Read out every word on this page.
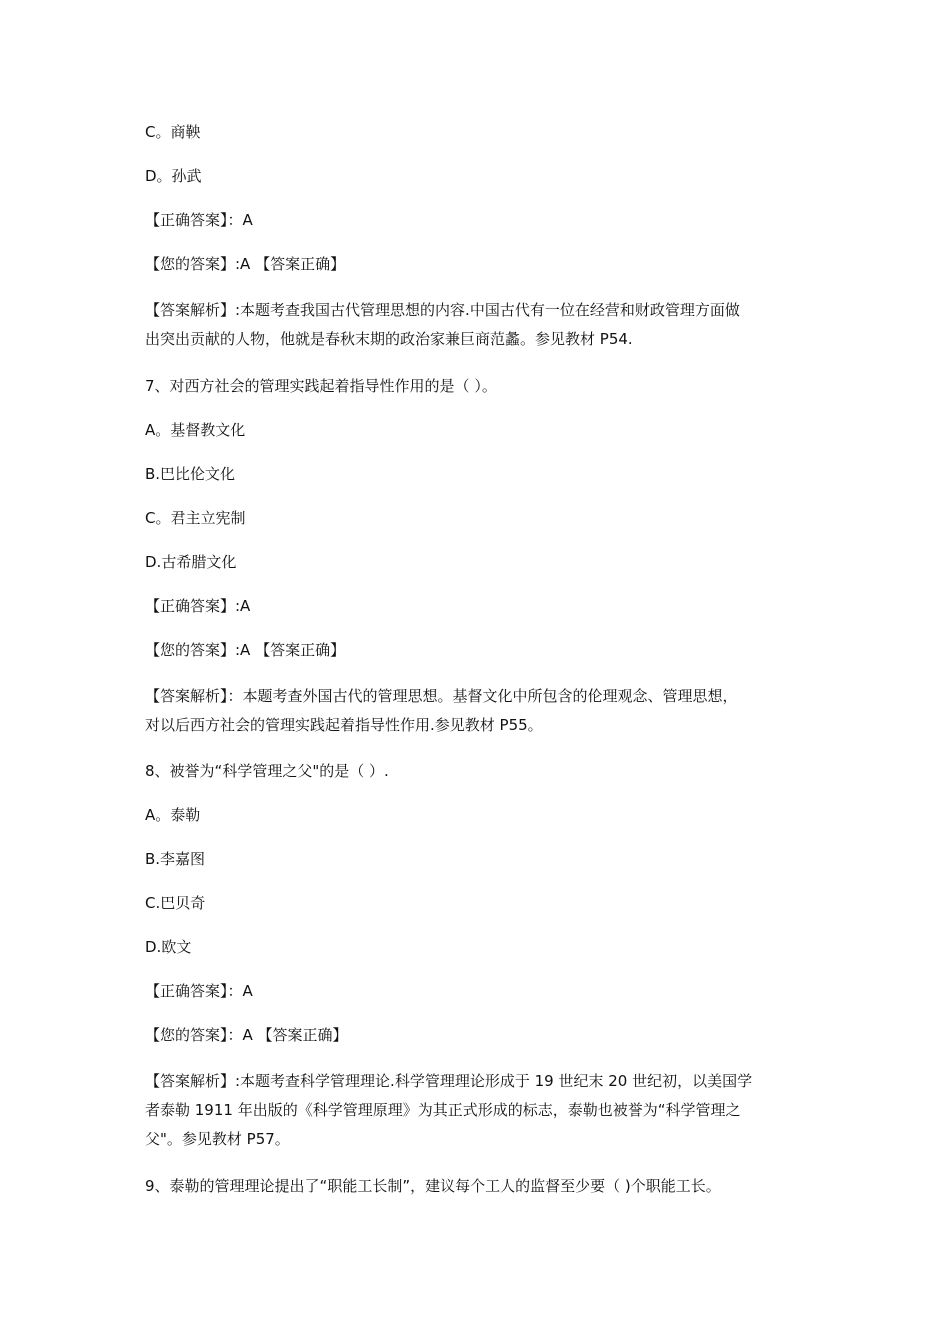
C。商鞅
D。孙武
【正确答案】：A
【您的答案】:A 【答案正确】
【答案解析】:本题考查我国古代管理思想的内容.中国古代有一位在经营和财政管理方面做
出突出贡献的人物，他就是春秋末期的政治家兼巨商范蠡。参见教材 P54.
7、对西方社会的管理实践起着指导性作用的是（ ）。
A。基督教文化
B.巴比伦文化
C。君主立宪制
D.古希腊文化
【正确答案】:A
【您的答案】:A 【答案正确】
【答案解析】：本题考查外国古代的管理思想。基督文化中所包含的伦理观念、管理思想，
对以后西方社会的管理实践起着指导性作用.参见教材 P55。
8、被誉为“科学管理之父"的是（ ）.
A。泰勒
B.李嘉图
C.巴贝奇
D.欧文
【正确答案】：A
【您的答案】：A 【答案正确】
【答案解析】:本题考查科学管理理论.科学管理理论形成于 19 世纪末 20 世纪初，以美国学
者泰勒 1911 年出版的《科学管理原理》为其正式形成的标志，泰勒也被誉为“科学管理之
父"。参见教材 P57。
9、泰勒的管理理论提出了“职能工长制”，建议每个工人的监督至少要（ )个职能工长。
